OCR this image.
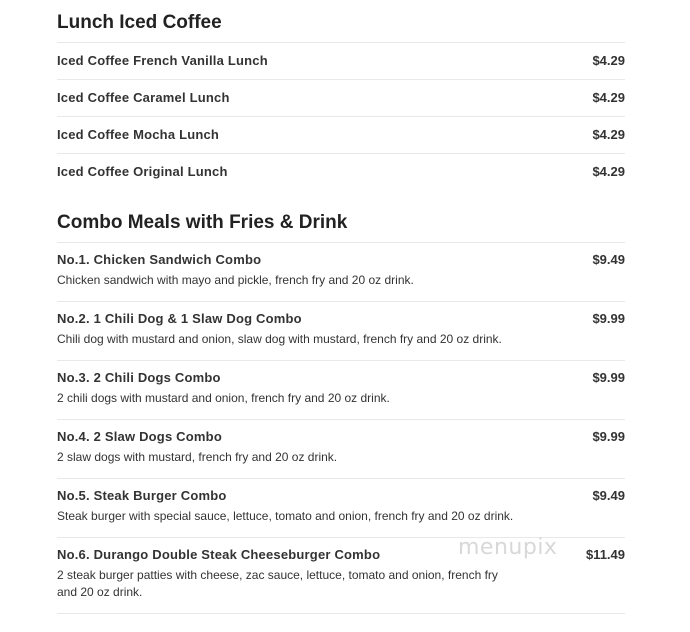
Lunch Iced Coffee
Iced Coffee French Vanilla Lunch	$4.29
Iced Coffee Caramel Lunch	$4.29
Iced Coffee Mocha Lunch	$4.29
Iced Coffee Original Lunch	$4.29
Combo Meals with Fries & Drink
No.1. Chicken Sandwich Combo	$9.49
Chicken sandwich with mayo and pickle, french fry and 20 oz drink.
No.2. 1 Chili Dog & 1 Slaw Dog Combo	$9.99
Chili dog with mustard and onion, slaw dog with mustard, french fry and 20 oz drink.
No.3. 2 Chili Dogs Combo	$9.99
2 chili dogs with mustard and onion, french fry and 20 oz drink.
No.4. 2 Slaw Dogs Combo	$9.99
2 slaw dogs with mustard, french fry and 20 oz drink.
No.5. Steak Burger Combo	$9.49
Steak burger with special sauce, lettuce, tomato and onion, french fry and 20 oz drink.
No.6. Durango Double Steak Cheeseburger Combo	$11.49
2 steak burger patties with cheese, zac sauce, lettuce, tomato and onion, french fry and 20 oz drink.
menupix
